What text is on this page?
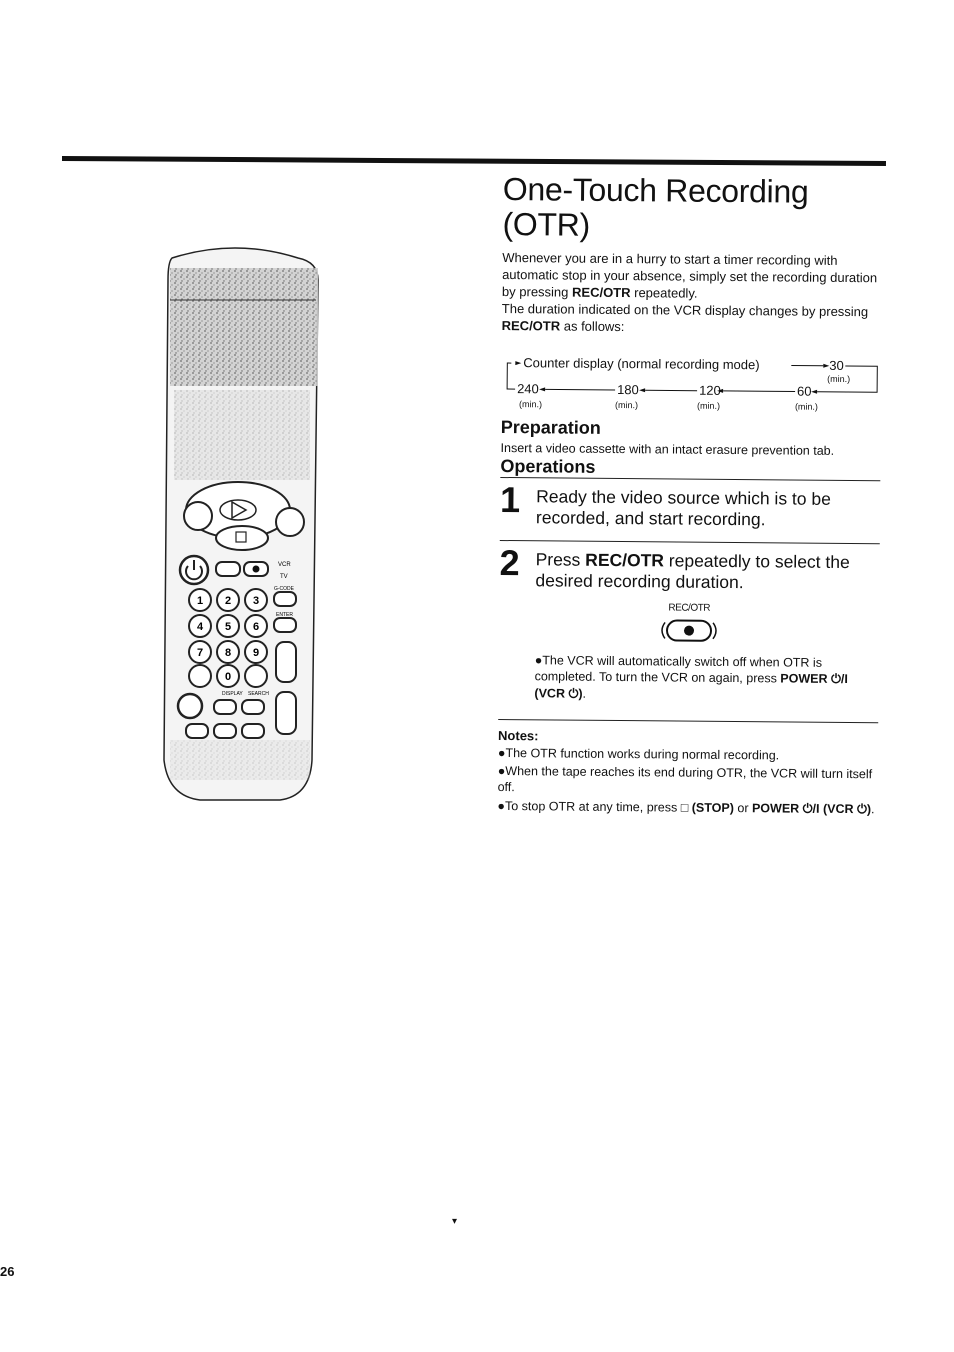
VCR
TV
G-CODE
ENTER
1 2 3
4 5 6
7 8 9
0
DISPLAY SEARCH
One-Touch Recording (OTR)

Whenever you are in a hurry to start a timer recording with automatic stop in your absence, simply set the recording duration by pressing REC/OTR repeatedly.

The duration indicated on the VCR display changes by pressing REC/OTR as follows:

Counter display (normal recording mode)	30
(min.)
60
(min.)
120
(min.)
180
(min.)
240
(min.)
Preparation

Insert a video cassette with an intact erasure prevention tab.

Operations
1 Ready the video source which is to be recorded, and start recording.
2 Press REC/OTR repeatedly to select the desired recording duration.
REC/OTR

●The VCR will automatically switch off when OTR is completed. To turn the VCR on again, press POWER ⏻/I (VCR ⏻).

Notes:

●The OTR function works during normal recording.

●When the tape reaches its end during OTR, the VCR will turn itself off.

●To stop OTR at any time, press □ (STOP) or POWER ⏻/I (VCR ⏻).

▾
26
